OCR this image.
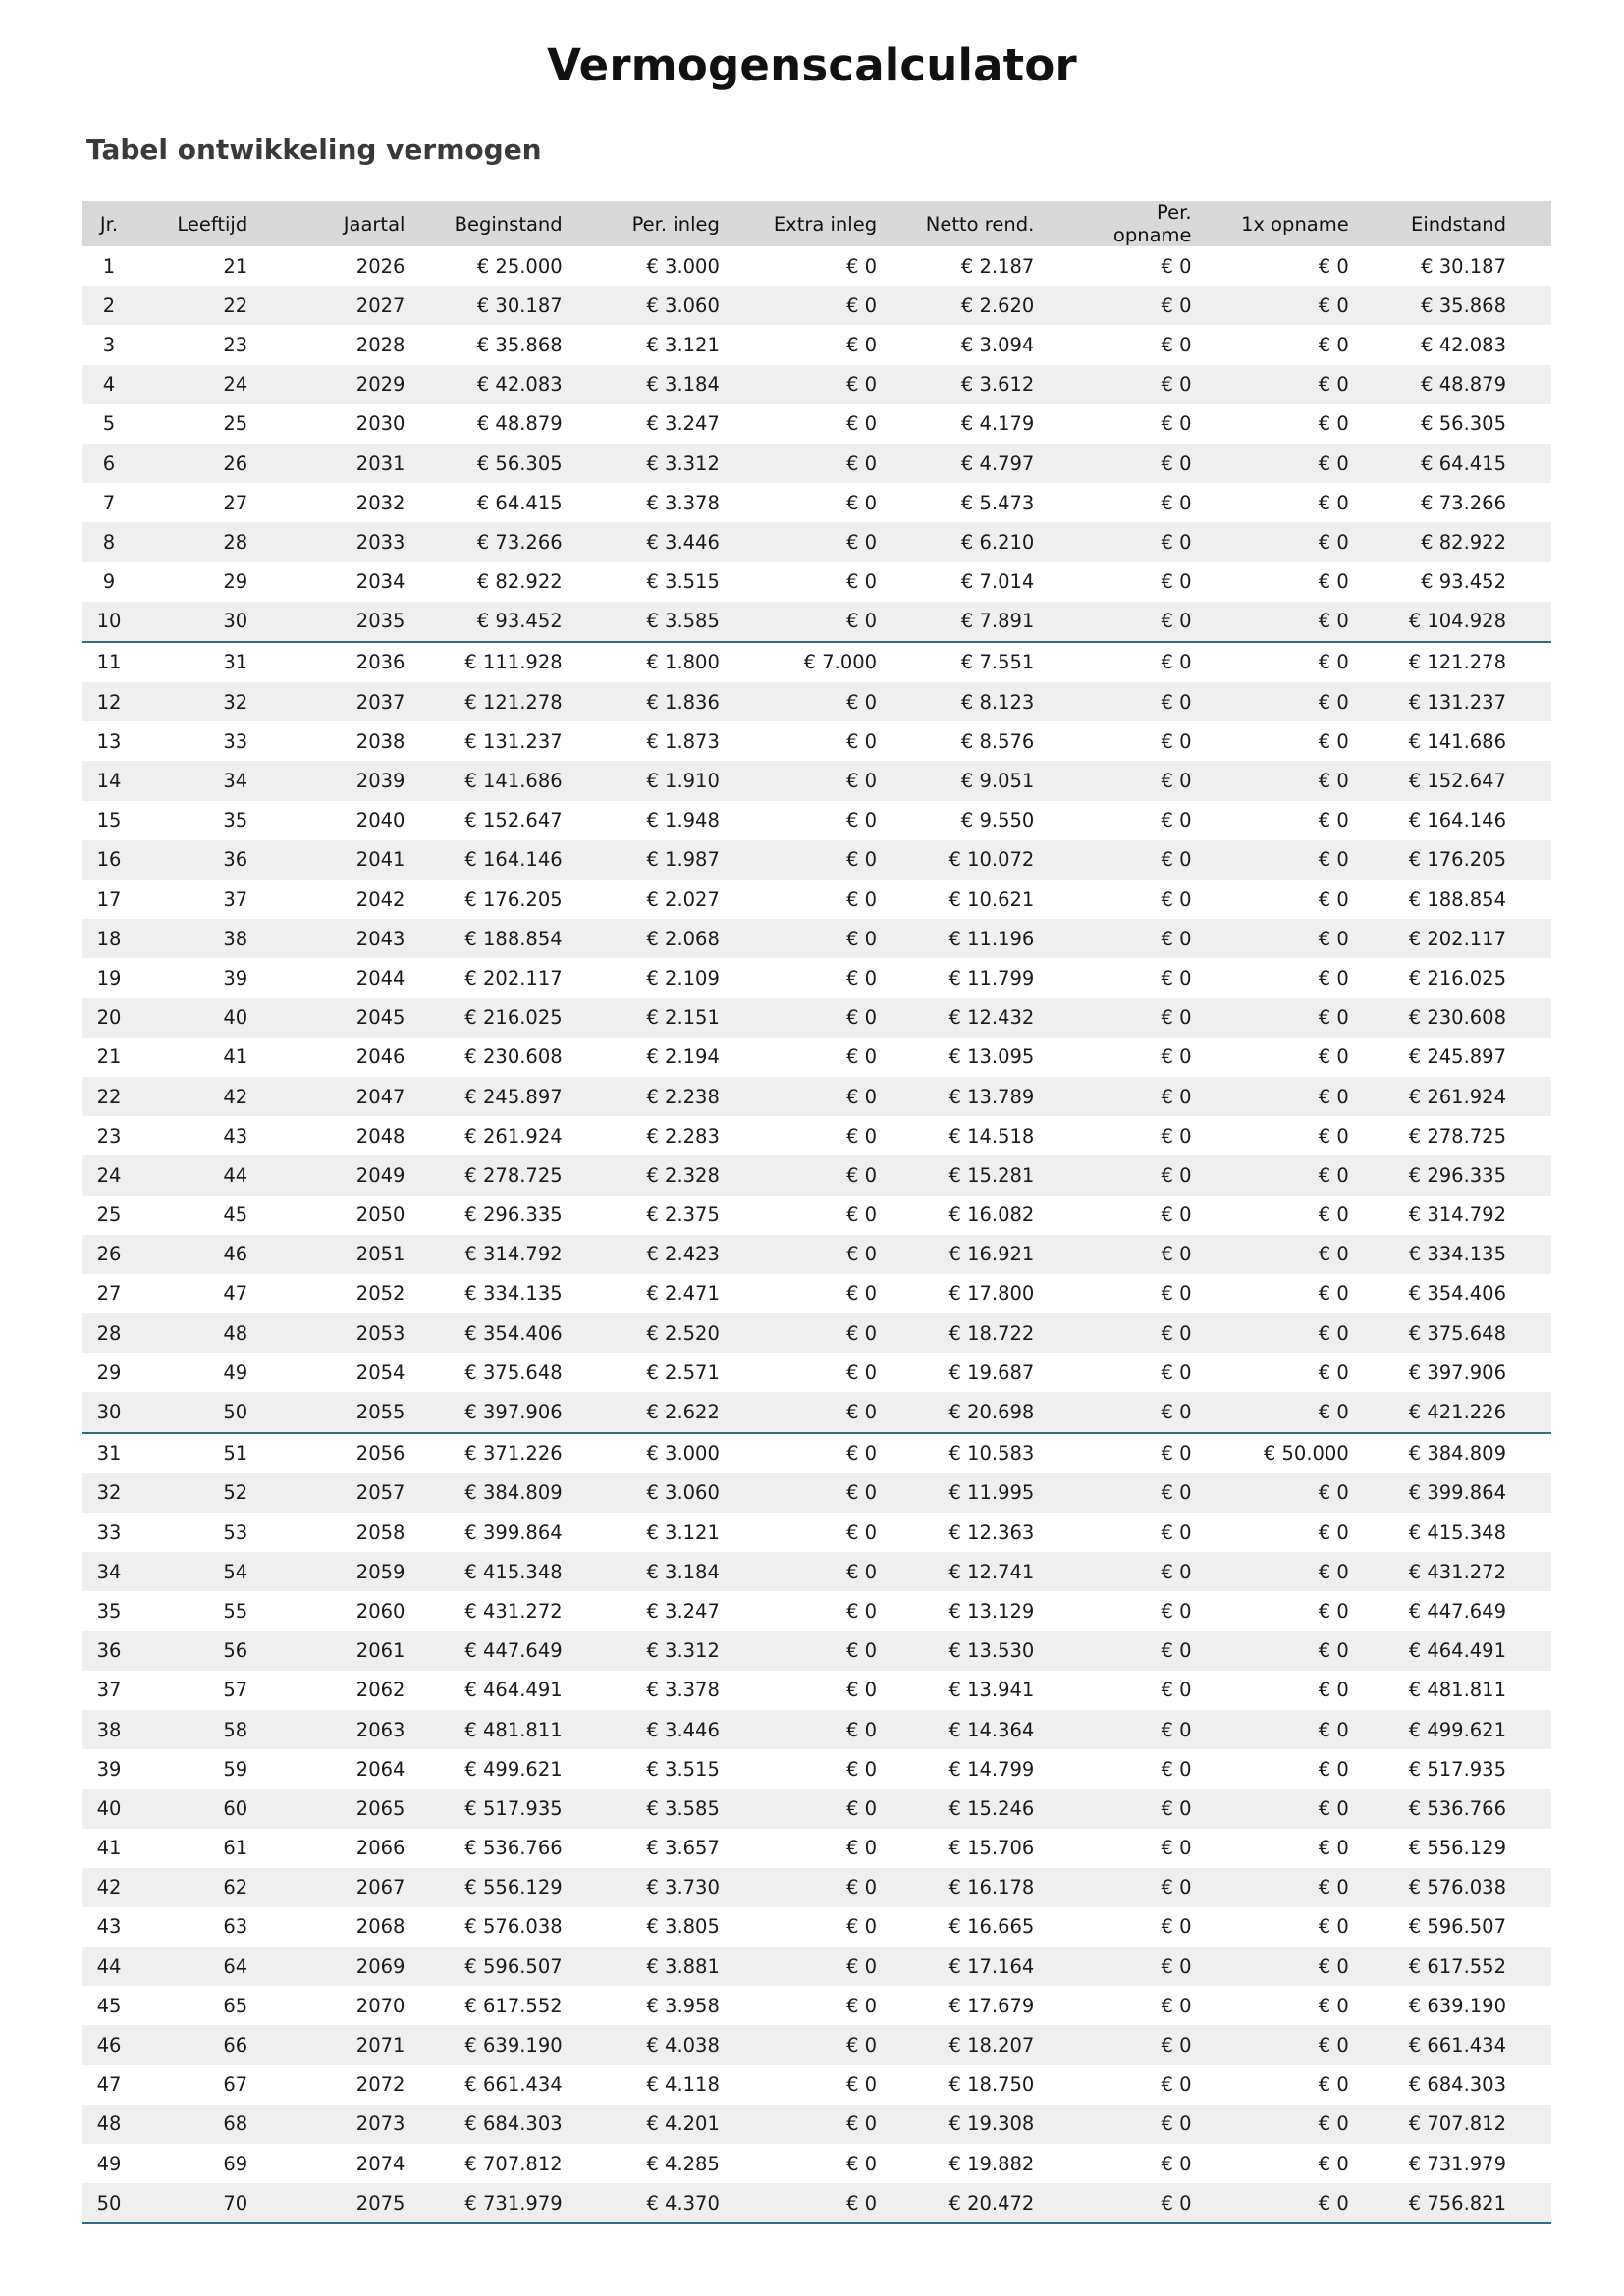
Vermogenscalculator
Tabel ontwikkeling vermogen
Jr.	Leeftijd	Jaartal	Beginstand	Per. inleg	Extra inleg	Netto rend.	Per. opname	1x opname	Eindstand
1	21	2026	€ 25.000	€ 3.000	€ 0	€ 2.187	€ 0	€ 0	€ 30.187
2	22	2027	€ 30.187	€ 3.060	€ 0	€ 2.620	€ 0	€ 0	€ 35.868
3	23	2028	€ 35.868	€ 3.121	€ 0	€ 3.094	€ 0	€ 0	€ 42.083
4	24	2029	€ 42.083	€ 3.184	€ 0	€ 3.612	€ 0	€ 0	€ 48.879
5	25	2030	€ 48.879	€ 3.247	€ 0	€ 4.179	€ 0	€ 0	€ 56.305
6	26	2031	€ 56.305	€ 3.312	€ 0	€ 4.797	€ 0	€ 0	€ 64.415
7	27	2032	€ 64.415	€ 3.378	€ 0	€ 5.473	€ 0	€ 0	€ 73.266
8	28	2033	€ 73.266	€ 3.446	€ 0	€ 6.210	€ 0	€ 0	€ 82.922
9	29	2034	€ 82.922	€ 3.515	€ 0	€ 7.014	€ 0	€ 0	€ 93.452
10	30	2035	€ 93.452	€ 3.585	€ 0	€ 7.891	€ 0	€ 0	€ 104.928
11	31	2036	€ 111.928	€ 1.800	€ 7.000	€ 7.551	€ 0	€ 0	€ 121.278
12	32	2037	€ 121.278	€ 1.836	€ 0	€ 8.123	€ 0	€ 0	€ 131.237
13	33	2038	€ 131.237	€ 1.873	€ 0	€ 8.576	€ 0	€ 0	€ 141.686
14	34	2039	€ 141.686	€ 1.910	€ 0	€ 9.051	€ 0	€ 0	€ 152.647
15	35	2040	€ 152.647	€ 1.948	€ 0	€ 9.550	€ 0	€ 0	€ 164.146
16	36	2041	€ 164.146	€ 1.987	€ 0	€ 10.072	€ 0	€ 0	€ 176.205
17	37	2042	€ 176.205	€ 2.027	€ 0	€ 10.621	€ 0	€ 0	€ 188.854
18	38	2043	€ 188.854	€ 2.068	€ 0	€ 11.196	€ 0	€ 0	€ 202.117
19	39	2044	€ 202.117	€ 2.109	€ 0	€ 11.799	€ 0	€ 0	€ 216.025
20	40	2045	€ 216.025	€ 2.151	€ 0	€ 12.432	€ 0	€ 0	€ 230.608
21	41	2046	€ 230.608	€ 2.194	€ 0	€ 13.095	€ 0	€ 0	€ 245.897
22	42	2047	€ 245.897	€ 2.238	€ 0	€ 13.789	€ 0	€ 0	€ 261.924
23	43	2048	€ 261.924	€ 2.283	€ 0	€ 14.518	€ 0	€ 0	€ 278.725
24	44	2049	€ 278.725	€ 2.328	€ 0	€ 15.281	€ 0	€ 0	€ 296.335
25	45	2050	€ 296.335	€ 2.375	€ 0	€ 16.082	€ 0	€ 0	€ 314.792
26	46	2051	€ 314.792	€ 2.423	€ 0	€ 16.921	€ 0	€ 0	€ 334.135
27	47	2052	€ 334.135	€ 2.471	€ 0	€ 17.800	€ 0	€ 0	€ 354.406
28	48	2053	€ 354.406	€ 2.520	€ 0	€ 18.722	€ 0	€ 0	€ 375.648
29	49	2054	€ 375.648	€ 2.571	€ 0	€ 19.687	€ 0	€ 0	€ 397.906
30	50	2055	€ 397.906	€ 2.622	€ 0	€ 20.698	€ 0	€ 0	€ 421.226
31	51	2056	€ 371.226	€ 3.000	€ 0	€ 10.583	€ 0	€ 50.000	€ 384.809
32	52	2057	€ 384.809	€ 3.060	€ 0	€ 11.995	€ 0	€ 0	€ 399.864
33	53	2058	€ 399.864	€ 3.121	€ 0	€ 12.363	€ 0	€ 0	€ 415.348
34	54	2059	€ 415.348	€ 3.184	€ 0	€ 12.741	€ 0	€ 0	€ 431.272
35	55	2060	€ 431.272	€ 3.247	€ 0	€ 13.129	€ 0	€ 0	€ 447.649
36	56	2061	€ 447.649	€ 3.312	€ 0	€ 13.530	€ 0	€ 0	€ 464.491
37	57	2062	€ 464.491	€ 3.378	€ 0	€ 13.941	€ 0	€ 0	€ 481.811
38	58	2063	€ 481.811	€ 3.446	€ 0	€ 14.364	€ 0	€ 0	€ 499.621
39	59	2064	€ 499.621	€ 3.515	€ 0	€ 14.799	€ 0	€ 0	€ 517.935
40	60	2065	€ 517.935	€ 3.585	€ 0	€ 15.246	€ 0	€ 0	€ 536.766
41	61	2066	€ 536.766	€ 3.657	€ 0	€ 15.706	€ 0	€ 0	€ 556.129
42	62	2067	€ 556.129	€ 3.730	€ 0	€ 16.178	€ 0	€ 0	€ 576.038
43	63	2068	€ 576.038	€ 3.805	€ 0	€ 16.665	€ 0	€ 0	€ 596.507
44	64	2069	€ 596.507	€ 3.881	€ 0	€ 17.164	€ 0	€ 0	€ 617.552
45	65	2070	€ 617.552	€ 3.958	€ 0	€ 17.679	€ 0	€ 0	€ 639.190
46	66	2071	€ 639.190	€ 4.038	€ 0	€ 18.207	€ 0	€ 0	€ 661.434
47	67	2072	€ 661.434	€ 4.118	€ 0	€ 18.750	€ 0	€ 0	€ 684.303
48	68	2073	€ 684.303	€ 4.201	€ 0	€ 19.308	€ 0	€ 0	€ 707.812
49	69	2074	€ 707.812	€ 4.285	€ 0	€ 19.882	€ 0	€ 0	€ 731.979
50	70	2075	€ 731.979	€ 4.370	€ 0	€ 20.472	€ 0	€ 0	€ 756.821
